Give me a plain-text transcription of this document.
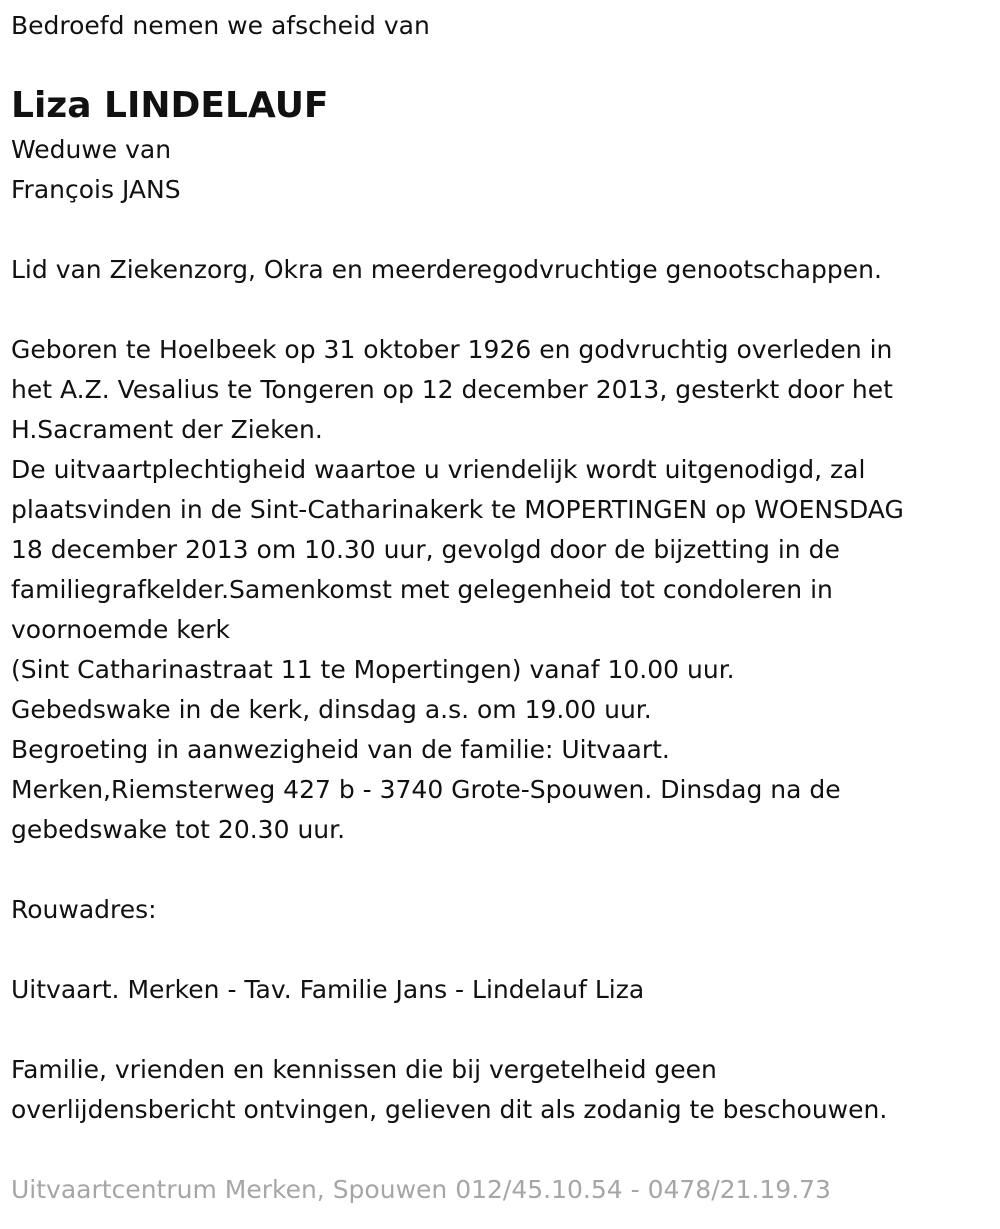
Bedroefd nemen we afscheid van
Liza LINDELAUF
Weduwe van
François JANS
Lid van Ziekenzorg, Okra en meerderegodvruchtige genootschappen.
Geboren te Hoelbeek op 31 oktober 1926 en godvruchtig overleden in
het A.Z. Vesalius te Tongeren op 12 december 2013, gesterkt door het
H.Sacrament der Zieken.
De uitvaartplechtigheid waartoe u vriendelijk wordt uitgenodigd, zal
plaatsvinden in de Sint-Catharinakerk te MOPERTINGEN op WOENSDAG
18 december 2013 om 10.30 uur, gevolgd door de bijzetting in de
familiegrafkelder.Samenkomst met gelegenheid tot condoleren in
voornoemde kerk
(Sint Catharinastraat 11 te Mopertingen) vanaf 10.00 uur.
Gebedswake in de kerk, dinsdag a.s. om 19.00 uur.
Begroeting in aanwezigheid van de familie: Uitvaart.
Merken,Riemsterweg 427 b - 3740 Grote-Spouwen. Dinsdag na de
gebedswake tot 20.30 uur.
Rouwadres:
Uitvaart. Merken - Tav. Familie Jans - Lindelauf Liza
Familie, vrienden en kennissen die bij vergetelheid geen
overlijdensbericht ontvingen, gelieven dit als zodanig te beschouwen.
Uitvaartcentrum Merken, Spouwen 012/45.10.54 - 0478/21.19.73
